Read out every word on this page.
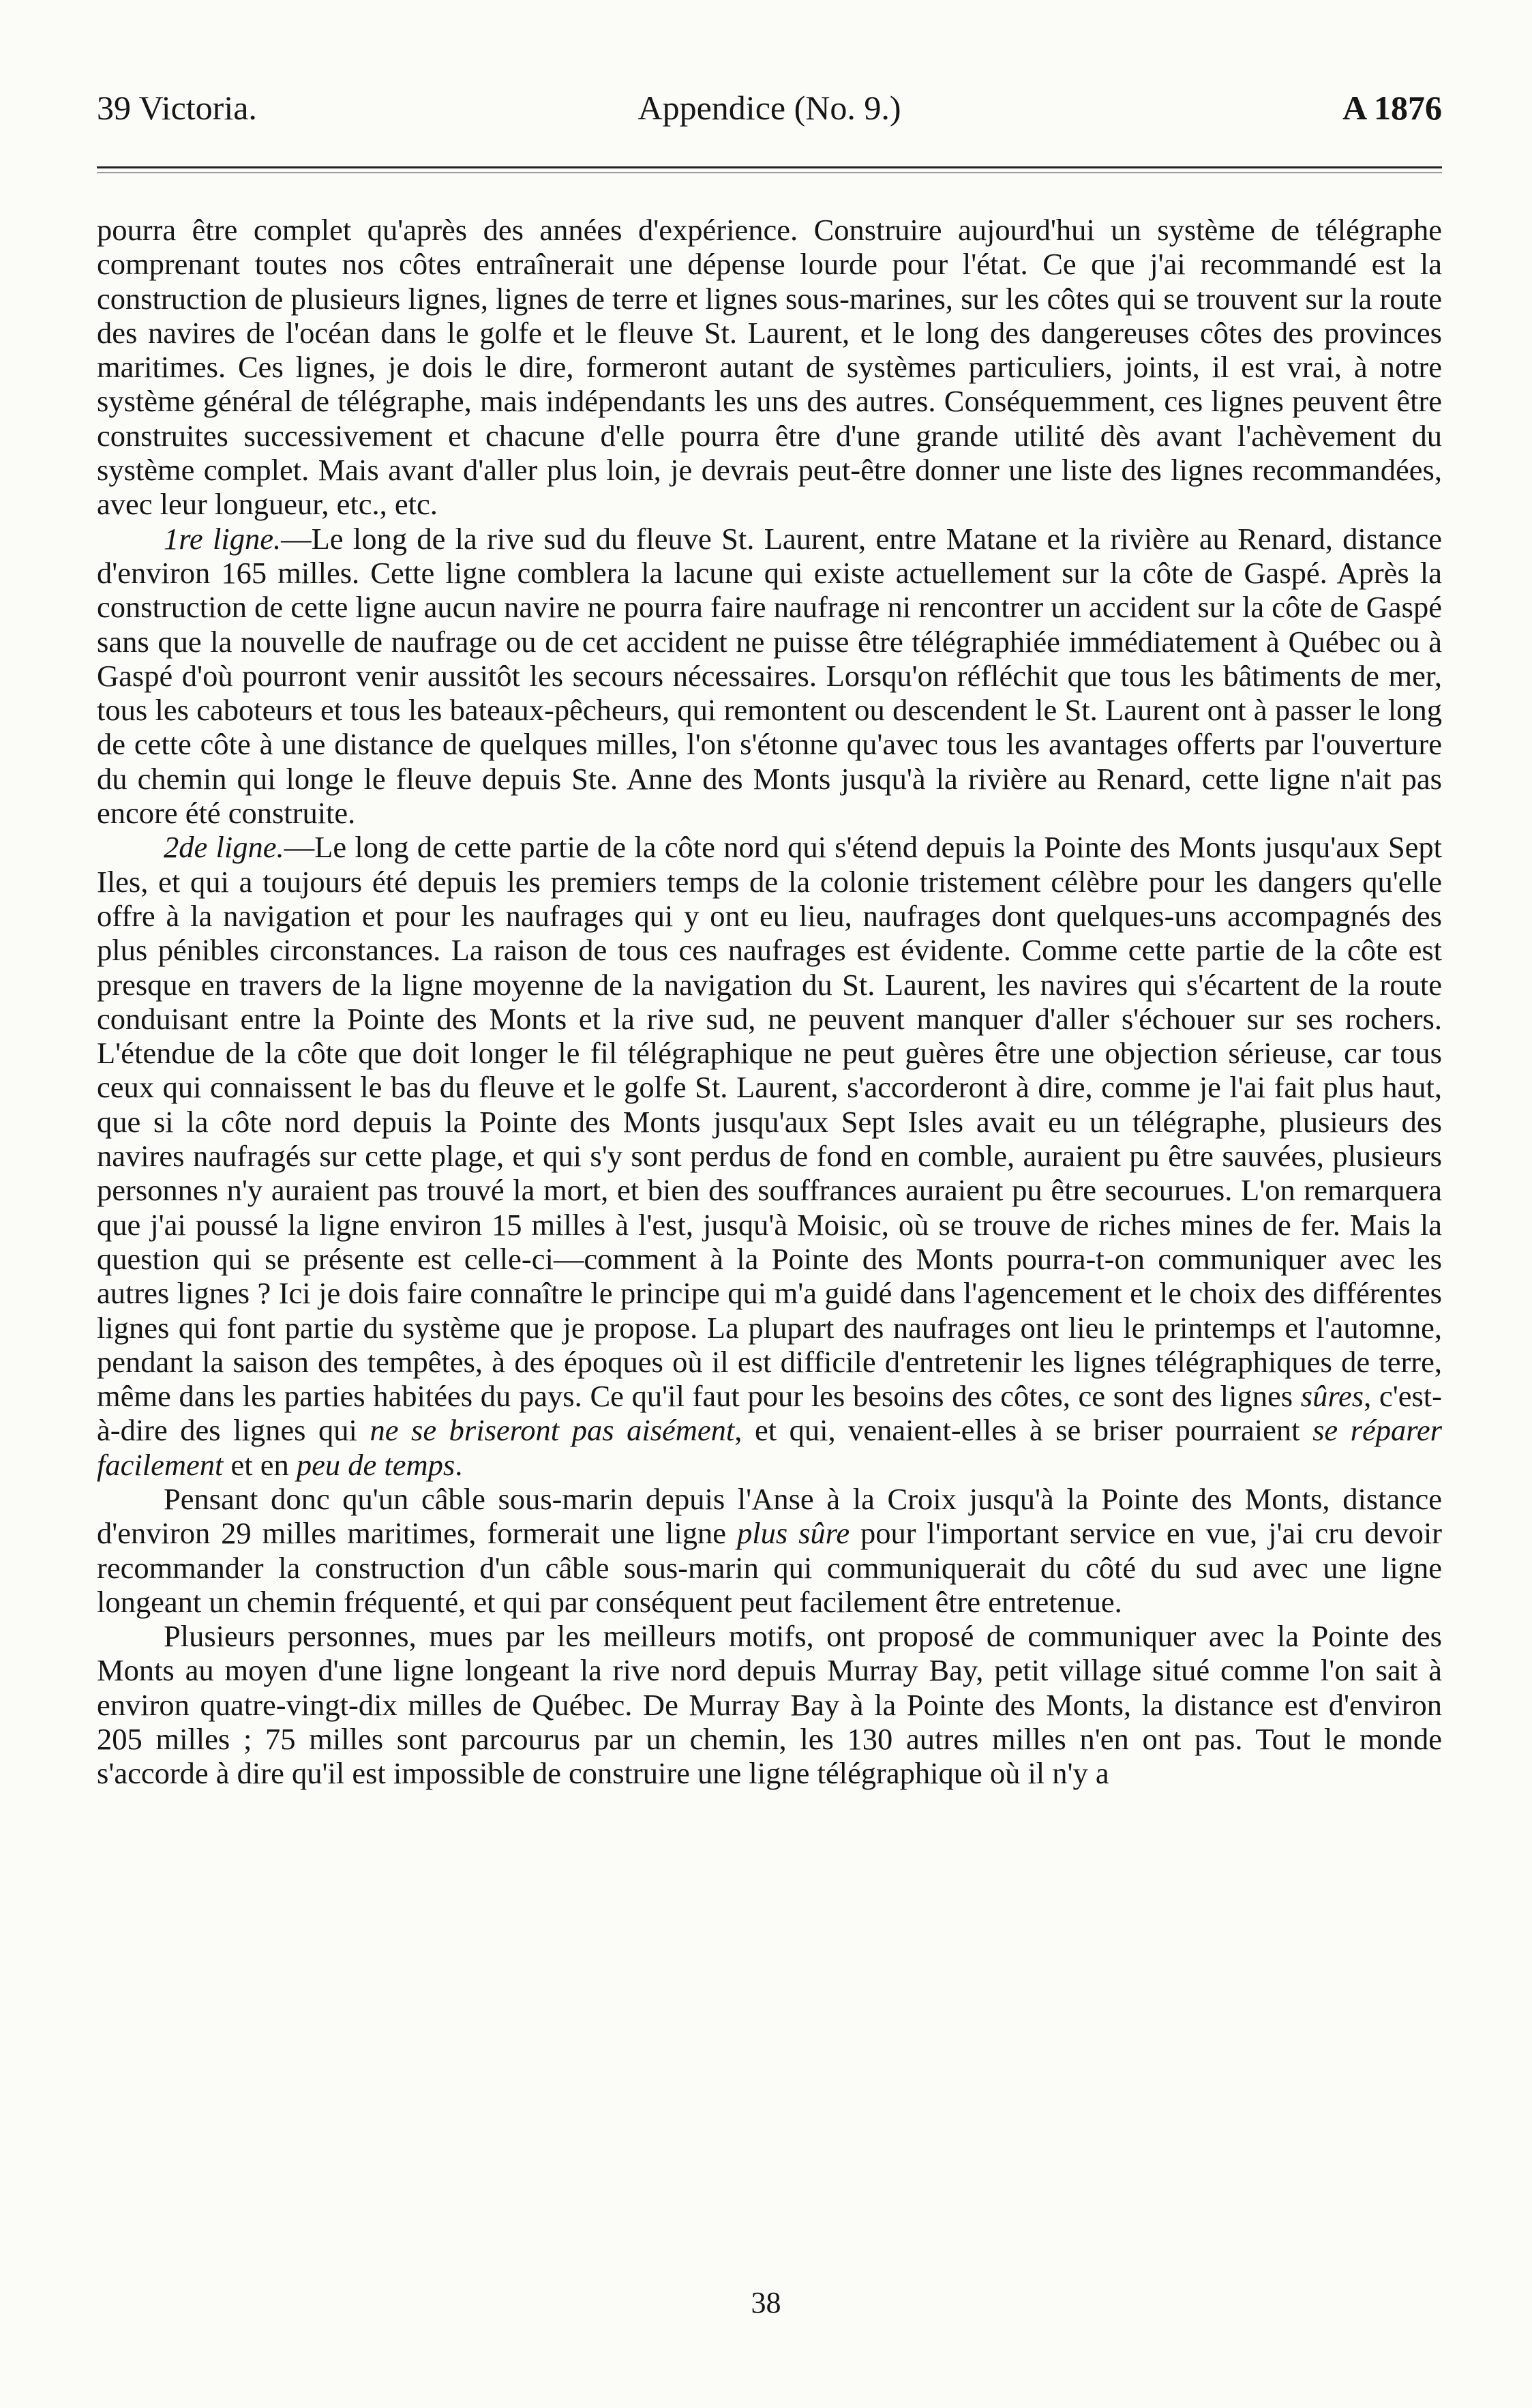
39 Victoria.	Appendice (No. 9.)	A 1876

pourra être complet qu'après des années d'expérience. Construire aujourd'hui un système de télégraphe comprenant toutes nos côtes entraînerait une dépense lourde pour l'état. Ce que j'ai recommandé est la construction de plusieurs lignes, lignes de terre et lignes sous-marines, sur les côtes qui se trouvent sur la route des navires de l'océan dans le golfe et le fleuve St. Laurent, et le long des dangereuses côtes des provinces maritimes. Ces lignes, je dois le dire, formeront autant de systèmes particuliers, joints, il est vrai, à notre système général de télégraphe, mais indépendants les uns des autres. Conséquemment, ces lignes peuvent être construites successivement et chacune d'elle pourra être d'une grande utilité dès avant l'achèvement du système complet. Mais avant d'aller plus loin, je devrais peut-être donner une liste des lignes recommandées, avec leur longueur, etc., etc.

1re ligne.—Le long de la rive sud du fleuve St. Laurent, entre Matane et la rivière au Renard, distance d'environ 165 milles. Cette ligne comblera la lacune qui existe actuellement sur la côte de Gaspé. Après la construction de cette ligne aucun navire ne pourra faire naufrage ni rencontrer un accident sur la côte de Gaspé sans que la nouvelle de naufrage ou de cet accident ne puisse être télégraphiée immédiatement à Québec ou à Gaspé d'où pourront venir aussitôt les secours nécessaires. Lorsqu'on réfléchit que tous les bâtiments de mer, tous les caboteurs et tous les bateaux-pêcheurs, qui remontent ou descendent le St. Laurent ont à passer le long de cette côte à une distance de quelques milles, l'on s'étonne qu'avec tous les avantages offerts par l'ouverture du chemin qui longe le fleuve depuis Ste. Anne des Monts jusqu'à la rivière au Renard, cette ligne n'ait pas encore été construite.

2de ligne.—Le long de cette partie de la côte nord qui s'étend depuis la Pointe des Monts jusqu'aux Sept Iles, et qui a toujours été depuis les premiers temps de la colonie tristement célèbre pour les dangers qu'elle offre à la navigation et pour les naufrages qui y ont eu lieu, naufrages dont quelques-uns accompagnés des plus pénibles circonstances. La raison de tous ces naufrages est évidente. Comme cette partie de la côte est presque en travers de la ligne moyenne de la navigation du St. Laurent, les navires qui s'écartent de la route conduisant entre la Pointe des Monts et la rive sud, ne peuvent manquer d'aller s'échouer sur ses rochers. L'étendue de la côte que doit longer le fil télégraphique ne peut guères être une objection sérieuse, car tous ceux qui connaissent le bas du fleuve et le golfe St. Laurent, s'accorderont à dire, comme je l'ai fait plus haut, que si la côte nord depuis la Pointe des Monts jusqu'aux Sept Isles avait eu un télégraphe, plusieurs des navires naufragés sur cette plage, et qui s'y sont perdus de fond en comble, auraient pu être sauvées, plusieurs personnes n'y auraient pas trouvé la mort, et bien des souffrances auraient pu être secourues. L'on remarquera que j'ai poussé la ligne environ 15 milles à l'est, jusqu'à Moisic, où se trouve de riches mines de fer. Mais la question qui se présente est celle-ci—comment à la Pointe des Monts pourra-t-on communiquer avec les autres lignes ? Ici je dois faire connaître le principe qui m'a guidé dans l'agencement et le choix des différentes lignes qui font partie du système que je propose. La plupart des naufrages ont lieu le printemps et l'automne, pendant la saison des tempêtes, à des époques où il est difficile d'entretenir les lignes télégraphiques de terre, même dans les parties habitées du pays. Ce qu'il faut pour les besoins des côtes, ce sont des lignes sûres, c'est-à-dire des lignes qui ne se briseront pas aisément, et qui, venaient-elles à se briser pourraient se réparer facilement et en peu de temps.

Pensant donc qu'un câble sous-marin depuis l'Anse à la Croix jusqu'à la Pointe des Monts, distance d'environ 29 milles maritimes, formerait une ligne plus sûre pour l'important service en vue, j'ai cru devoir recommander la construction d'un câble sous-marin qui communiquerait du côté du sud avec une ligne longeant un chemin fréquenté, et qui par conséquent peut facilement être entretenue.

Plusieurs personnes, mues par les meilleurs motifs, ont proposé de communiquer avec la Pointe des Monts au moyen d'une ligne longeant la rive nord depuis Murray Bay, petit village situé comme l'on sait à environ quatre-vingt-dix milles de Québec. De Murray Bay à la Pointe des Monts, la distance est d'environ 205 milles ; 75 milles sont parcourus par un chemin, les 130 autres milles n'en ont pas. Tout le monde s'accorde à dire qu'il est impossible de construire une ligne télégraphique où il n'y a

38
